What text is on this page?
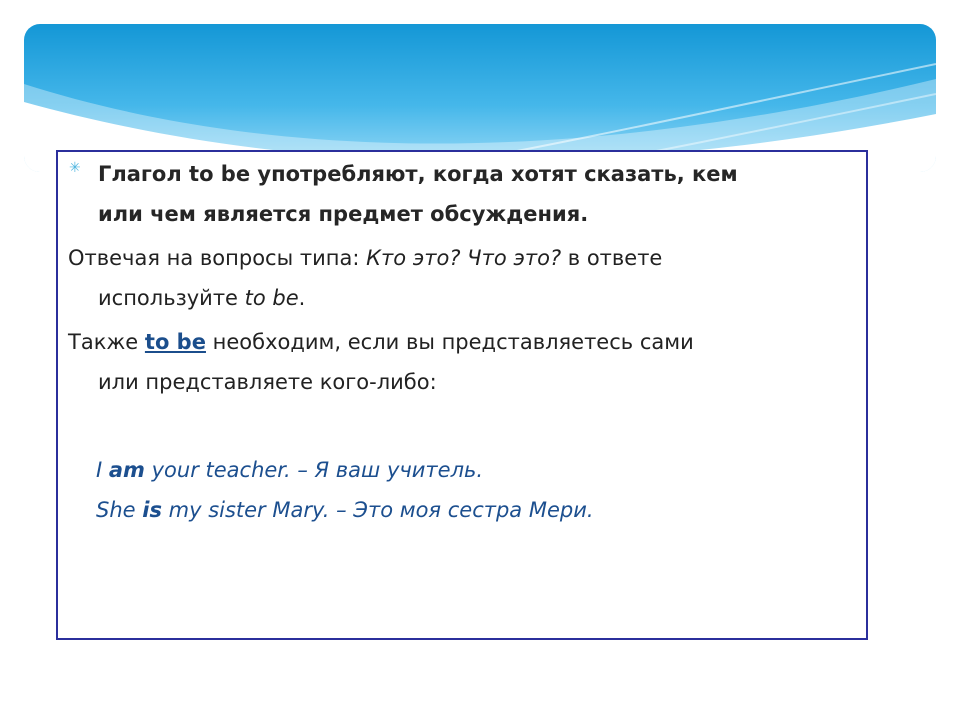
✳ Глагол to be употребляют, когда хотят сказать, кем
или чем является предмет обсуждения.
Отвечая на вопросы типа: Кто это? Что это? в ответе
используйте to be.
Также to be необходим, если вы представляетесь сами
или представляете кого-либо:
I am your teacher. – Я ваш учитель.
She is my sister Mary. – Это моя сестра Мери.
